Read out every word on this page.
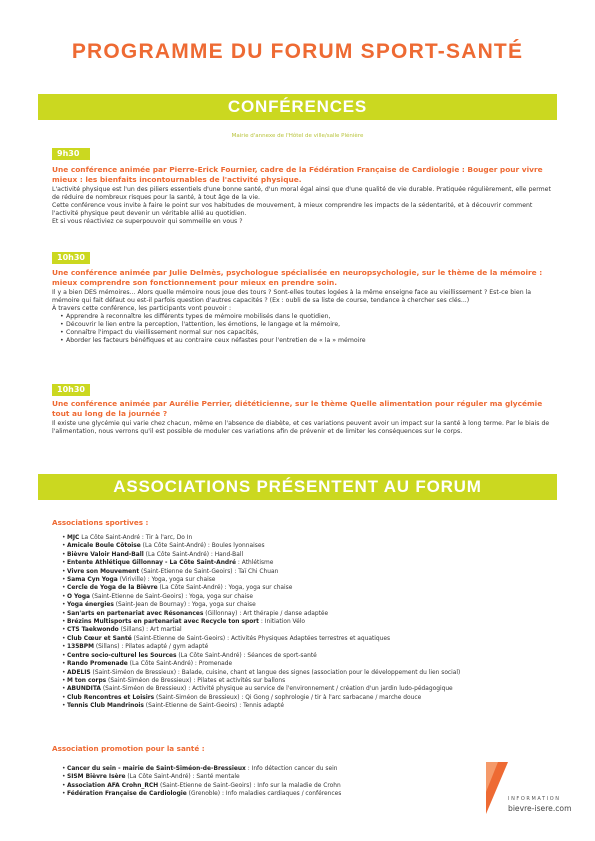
PROGRAMME DU FORUM SPORT-SANTÉ
CONFÉRENCES
Mairie d'annexe de l'Hôtel de ville/salle Plénière
9h30
Une conférence animée par Pierre-Erick Fournier, cadre de la Fédération Française de Cardiologie : Bouger pour vivre mieux : les bienfaits incontournables de l'activité physique.

L'activité physique est l'un des piliers essentiels d'une bonne santé, d'un moral égal ainsi que d'une qualité de vie durable. Pratiquée régulièrement, elle permet de réduire de nombreux risques pour la santé, à tout âge de la vie.

Cette conférence vous invite à faire le point sur vos habitudes de mouvement, à mieux comprendre les impacts de la sédentarité, et à découvrir comment l'activité physique peut devenir un véritable allié au quotidien.

Et si vous réactiviez ce superpouvoir qui sommeille en vous ?

10h30
Une conférence animée par Julie Delmès, psychologue spécialisée en neuropsychologie, sur le thème de la mémoire : mieux comprendre son fonctionnement pour mieux en prendre soin.

Il y a bien DES mémoires... Alors quelle mémoire nous joue des tours ? Sont-elles toutes logées à la même enseigne face au vieillissement ? Est-ce bien la mémoire qui fait défaut ou est-il parfois question d'autres capacités ? (Ex : oubli de sa liste de course, tendance à chercher ses clés...)

À travers cette conférence, les participants vont pouvoir :

• Apprendre à reconnaître les différents types de mémoire mobilisés dans le quotidien,
• Découvrir le lien entre la perception, l'attention, les émotions, le langage et la mémoire,
• Connaître l'impact du vieillissement normal sur nos capacités,
• Aborder les facteurs bénéfiques et au contraire ceux néfastes pour l'entretien de « la » mémoire
10h30
Une conférence animée par Aurélie Perrier, diététicienne, sur le thème Quelle alimentation pour réguler ma glycémie tout au long de la journée ?

Il existe une glycémie qui varie chez chacun, même en l'absence de diabète, et ces variations peuvent avoir un impact sur la santé à long terme. Par le biais de l'alimentation, nous verrons qu'il est possible de moduler ces variations afin de prévenir et de limiter les conséquences sur le corps.

ASSOCIATIONS PRÉSENTENT AU FORUM
Associations sportives :
• MJC La Côte Saint-André : Tir à l'arc, Do In
• Amicale Boule Côtoise (La Côte Saint-André) : Boules lyonnaises
• Bièvre Valoir Hand-Ball (La Côte Saint-André) : Hand-Ball
• Entente Athlétique Gillonnay - La Côte Saint-André : Athlétisme
• Vivre son Mouvement (Saint-Étienne de Saint-Geoirs) : Taï Chi Chuan
• Sama Cyn Yoga (Viriville) : Yoga, yoga sur chaise
• Cercle de Yoga de la Bièvre (La Côte Saint-André) : Yoga, yoga sur chaise
• Ô Yoga (Saint-Étienne de Saint-Geoirs) : Yoga, yoga sur chaise
• Yoga énergies (Saint-Jean de Bournay) : Yoga, yoga sur chaise
• San'arts en partenariat avec Résonances (Gillonnay) : Art thérapie / danse adaptée
• Brézins Multisports en partenariat avec Recycle ton sport : Initiation Vélo
• CTS Taekwondo (Sillans) : Art martial
• Club Cœur et Santé (Saint-Étienne de Saint-Geoirs) : Activités Physiques Adaptées terrestres et aquatiques
• 135BPM (Sillans) : Pilates adapté / gym adapté
• Centre socio-culturel les Sources (La Côte Saint-André) : Séances de sport-santé
• Rando Promenade (La Côte Saint-André) : Promenade
• ADELIS (Saint-Siméon de Bressieux) : Balade, cuisine, chant et langue des signes (association pour le développement du lien social)
• M ton corps (Saint-Siméon de Bressieux) : Pilates et activités sur ballons
• ABUNDITA (Saint-Siméon de Bressieux) : Activité physique au service de l'environnement / création d'un jardin ludo-pédagogique
• Club Rencontres et Loisirs (Saint-Siméon de Bressieux) : Qi Gong / sophrologie / tir à l'arc sarbacane / marche douce
• Tennis Club Mandrinois (Saint-Étienne de Saint-Geoirs) : Tennis adapté
Association promotion pour la santé :
• Cancer du sein - mairie de Saint-Siméon-de-Bressieux : Info détection cancer du sein
• SISM Bièvre Isère (La Côte Saint-André) : Santé mentale
• Association AFA Crohn_RCH (Saint-Étienne de Saint-Geoirs) : Info sur la maladie de Crohn
• Fédération Française de Cardiologie (Grenoble) : Info maladies cardiaques / conférences
INFORMATION
bievre-isere.com
